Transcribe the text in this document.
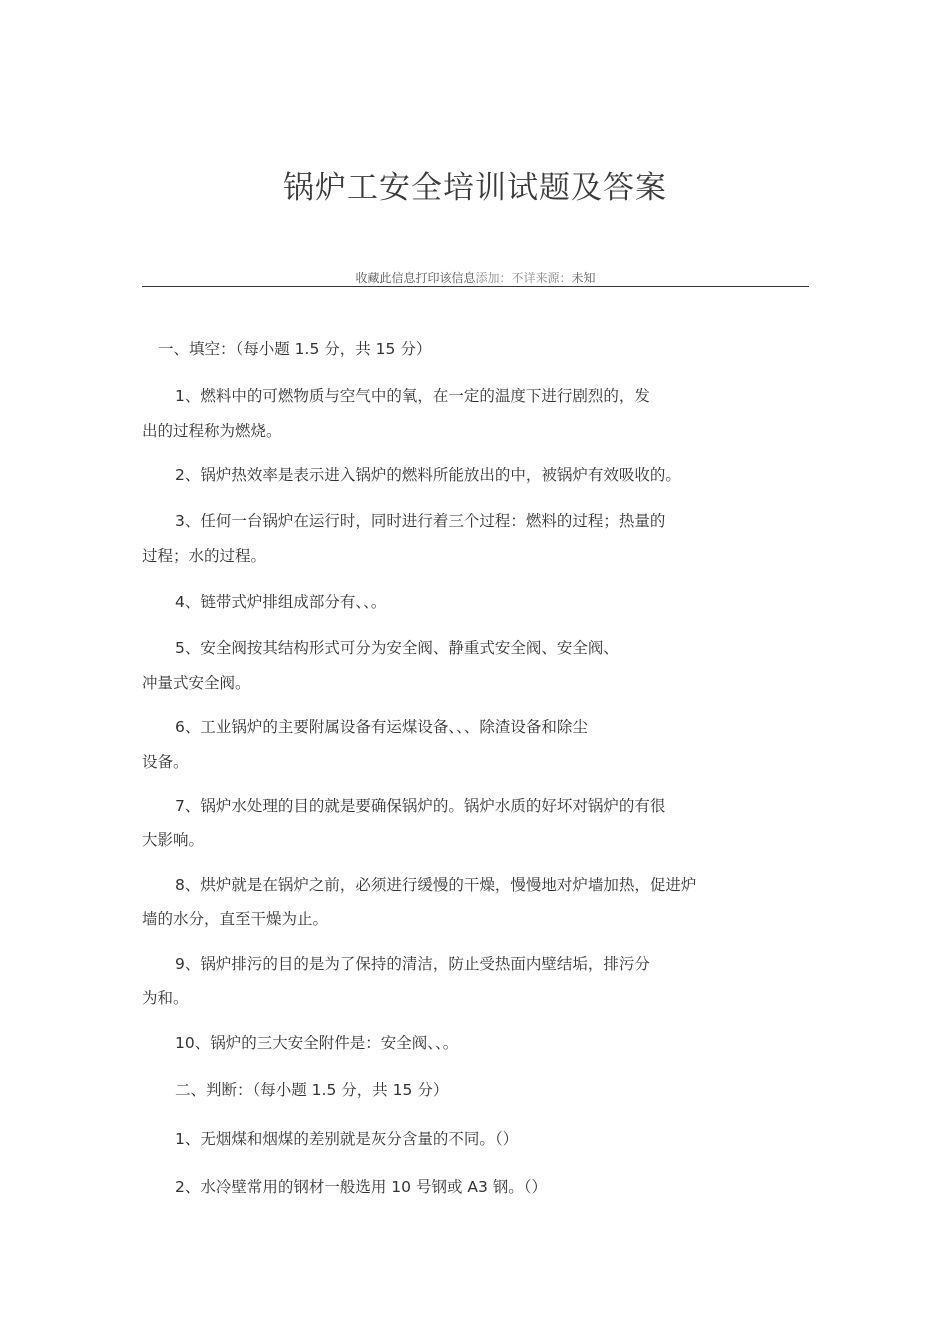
锅炉工安全培训试题及答案
收藏此信息打印该信息添加：不详来源：未知
一、填空：（每小题 1.5 分，共 15 分）
1、燃料中的可燃物质与空气中的氧，在一定的温度下进行剧烈的，发
出的过程称为燃烧。
2、锅炉热效率是表示进入锅炉的燃料所能放出的中，被锅炉有效吸收的。
3、任何一台锅炉在运行时，同时进行着三个过程：燃料的过程；热量的
过程；水的过程。
4、链带式炉排组成部分有、、。
5、安全阀按其结构形式可分为安全阀、静重式安全阀、安全阀、
冲量式安全阀。
6、工业锅炉的主要附属设备有运煤设备、、、除渣设备和除尘
设备。
7、锅炉水处理的目的就是要确保锅炉的。锅炉水质的好坏对锅炉的有很
大影响。
8、烘炉就是在锅炉之前，必须进行缓慢的干燥，慢慢地对炉墙加热，促进炉
墙的水分，直至干燥为止。
9、锅炉排污的目的是为了保持的清洁，防止受热面内壁结垢，排污分
为和。
10、锅炉的三大安全附件是：安全阀、、。
二、判断：（每小题 1.5 分，共 15 分）
1、无烟煤和烟煤的差别就是灰分含量的不同。（）
2、水冷壁常用的钢材一般选用 10 号钢或 A3 钢。（）
